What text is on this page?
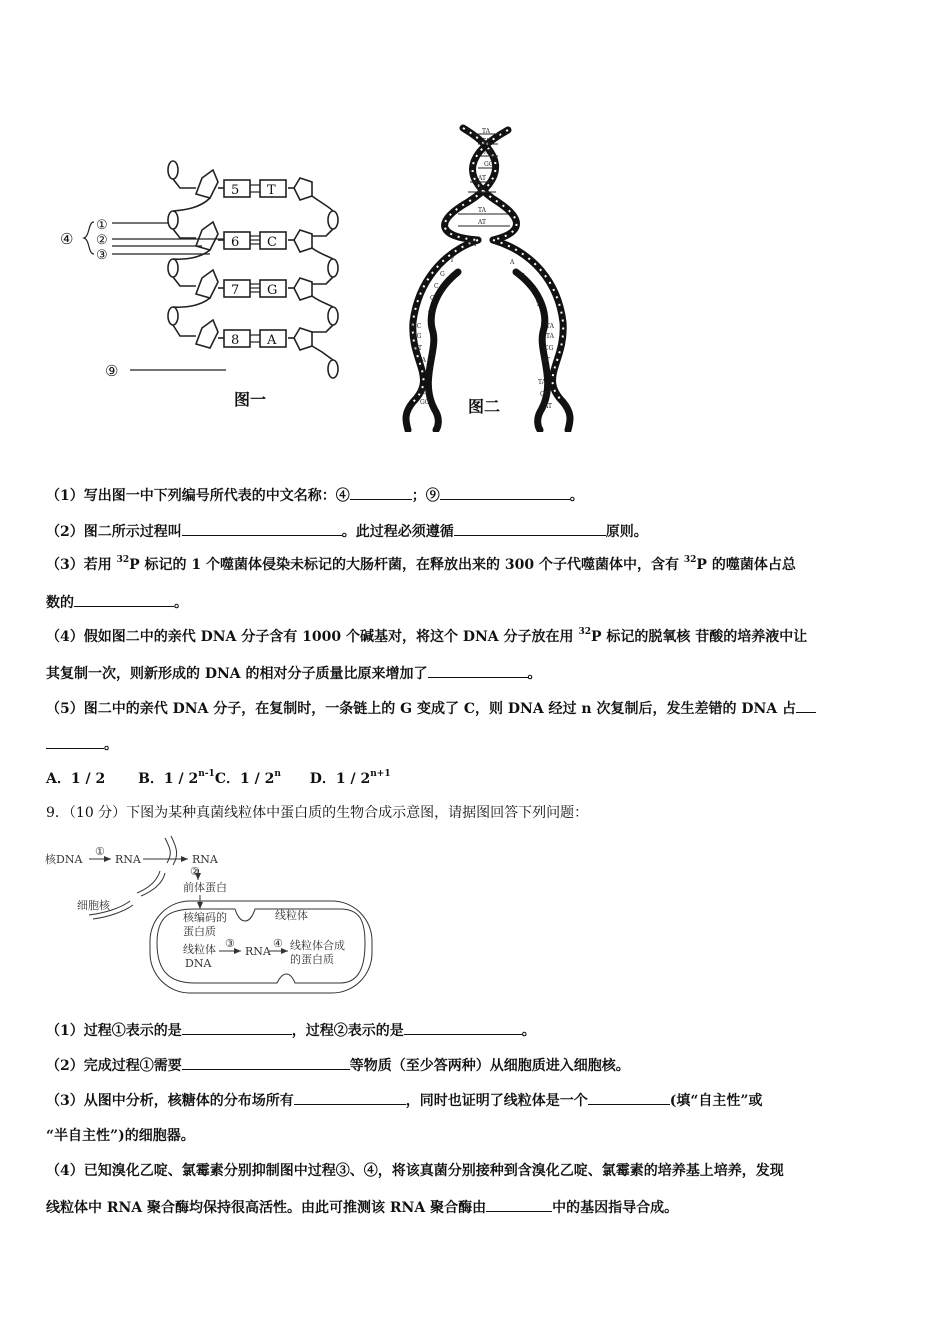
5
6
7
8
T
C
G
A
④
①
②
③
⑨
图一
TA
TA
AT
GC
AT
CG
TA
AT
TA
GC
CG
AT
TA
CG
GC
TA
TA
CG
AT
TA
CG
AT
T
G
C
C
A
A
G
C
T
图二
（1）写出图一中下列编号所代表的中文名称：④	；⑨	。
（2）图二所示过程叫	。此过程必须遵循	原则。
（3）若用 $^{32}$P 标记的 1 个噬菌体侵染未标记的大肠杆菌，在释放出来的 300 个子代噬菌体中，含有 $^{32}$P 的噬菌体占总
数的	。
（4）假如图二中的亲代 DNA 分子含有 1000 个碱基对，将这个 DNA 分子放在用 $^{32}$P 标记的脱氧核 苷酸的培养液中让
其复制一次，则新形成的 DNA 的相对分子质量比原来增加了	。
（5）图二中的亲代 DNA 分子，在复制时，一条链上的 G 变成了 C，则 DNA 经过 n 次复制后，发生差错的 DNA 占
。
A．1 / 2 B．1 / 2$^{n-1}$C．1 / 2$^n$ D．$1 / 2^{n+1}$
9．（10 分）下图为某种真菌线粒体中蛋白质的生物合成示意图，请据图回答下列问题：
核DNA
①
RNA	RNA
②
前体蛋白
细胞核
线粒体
核编码的
蛋白质
线粒体
DNA
③
RNA
④ 线粒体合成
的蛋白质
（1）过程①表示的是	，过程②表示的是	。
（2）完成过程①需要	等物质（至少答两种）从细胞质进入细胞核。
（3）从图中分析，核糖体的分布场所有	，同时也证明了线粒体是一个	(填“自主性”或
“半自主性”)的细胞器。
（4）已知溴化乙啶、氯霉素分别抑制图中过程③、④，将该真菌分别接种到含溴化乙啶、氯霉素的培养基上培养，发现
线粒体中 RNA 聚合酶均保持很高活性。由此可推测该 RNA 聚合酶由	中的基因指导合成。
